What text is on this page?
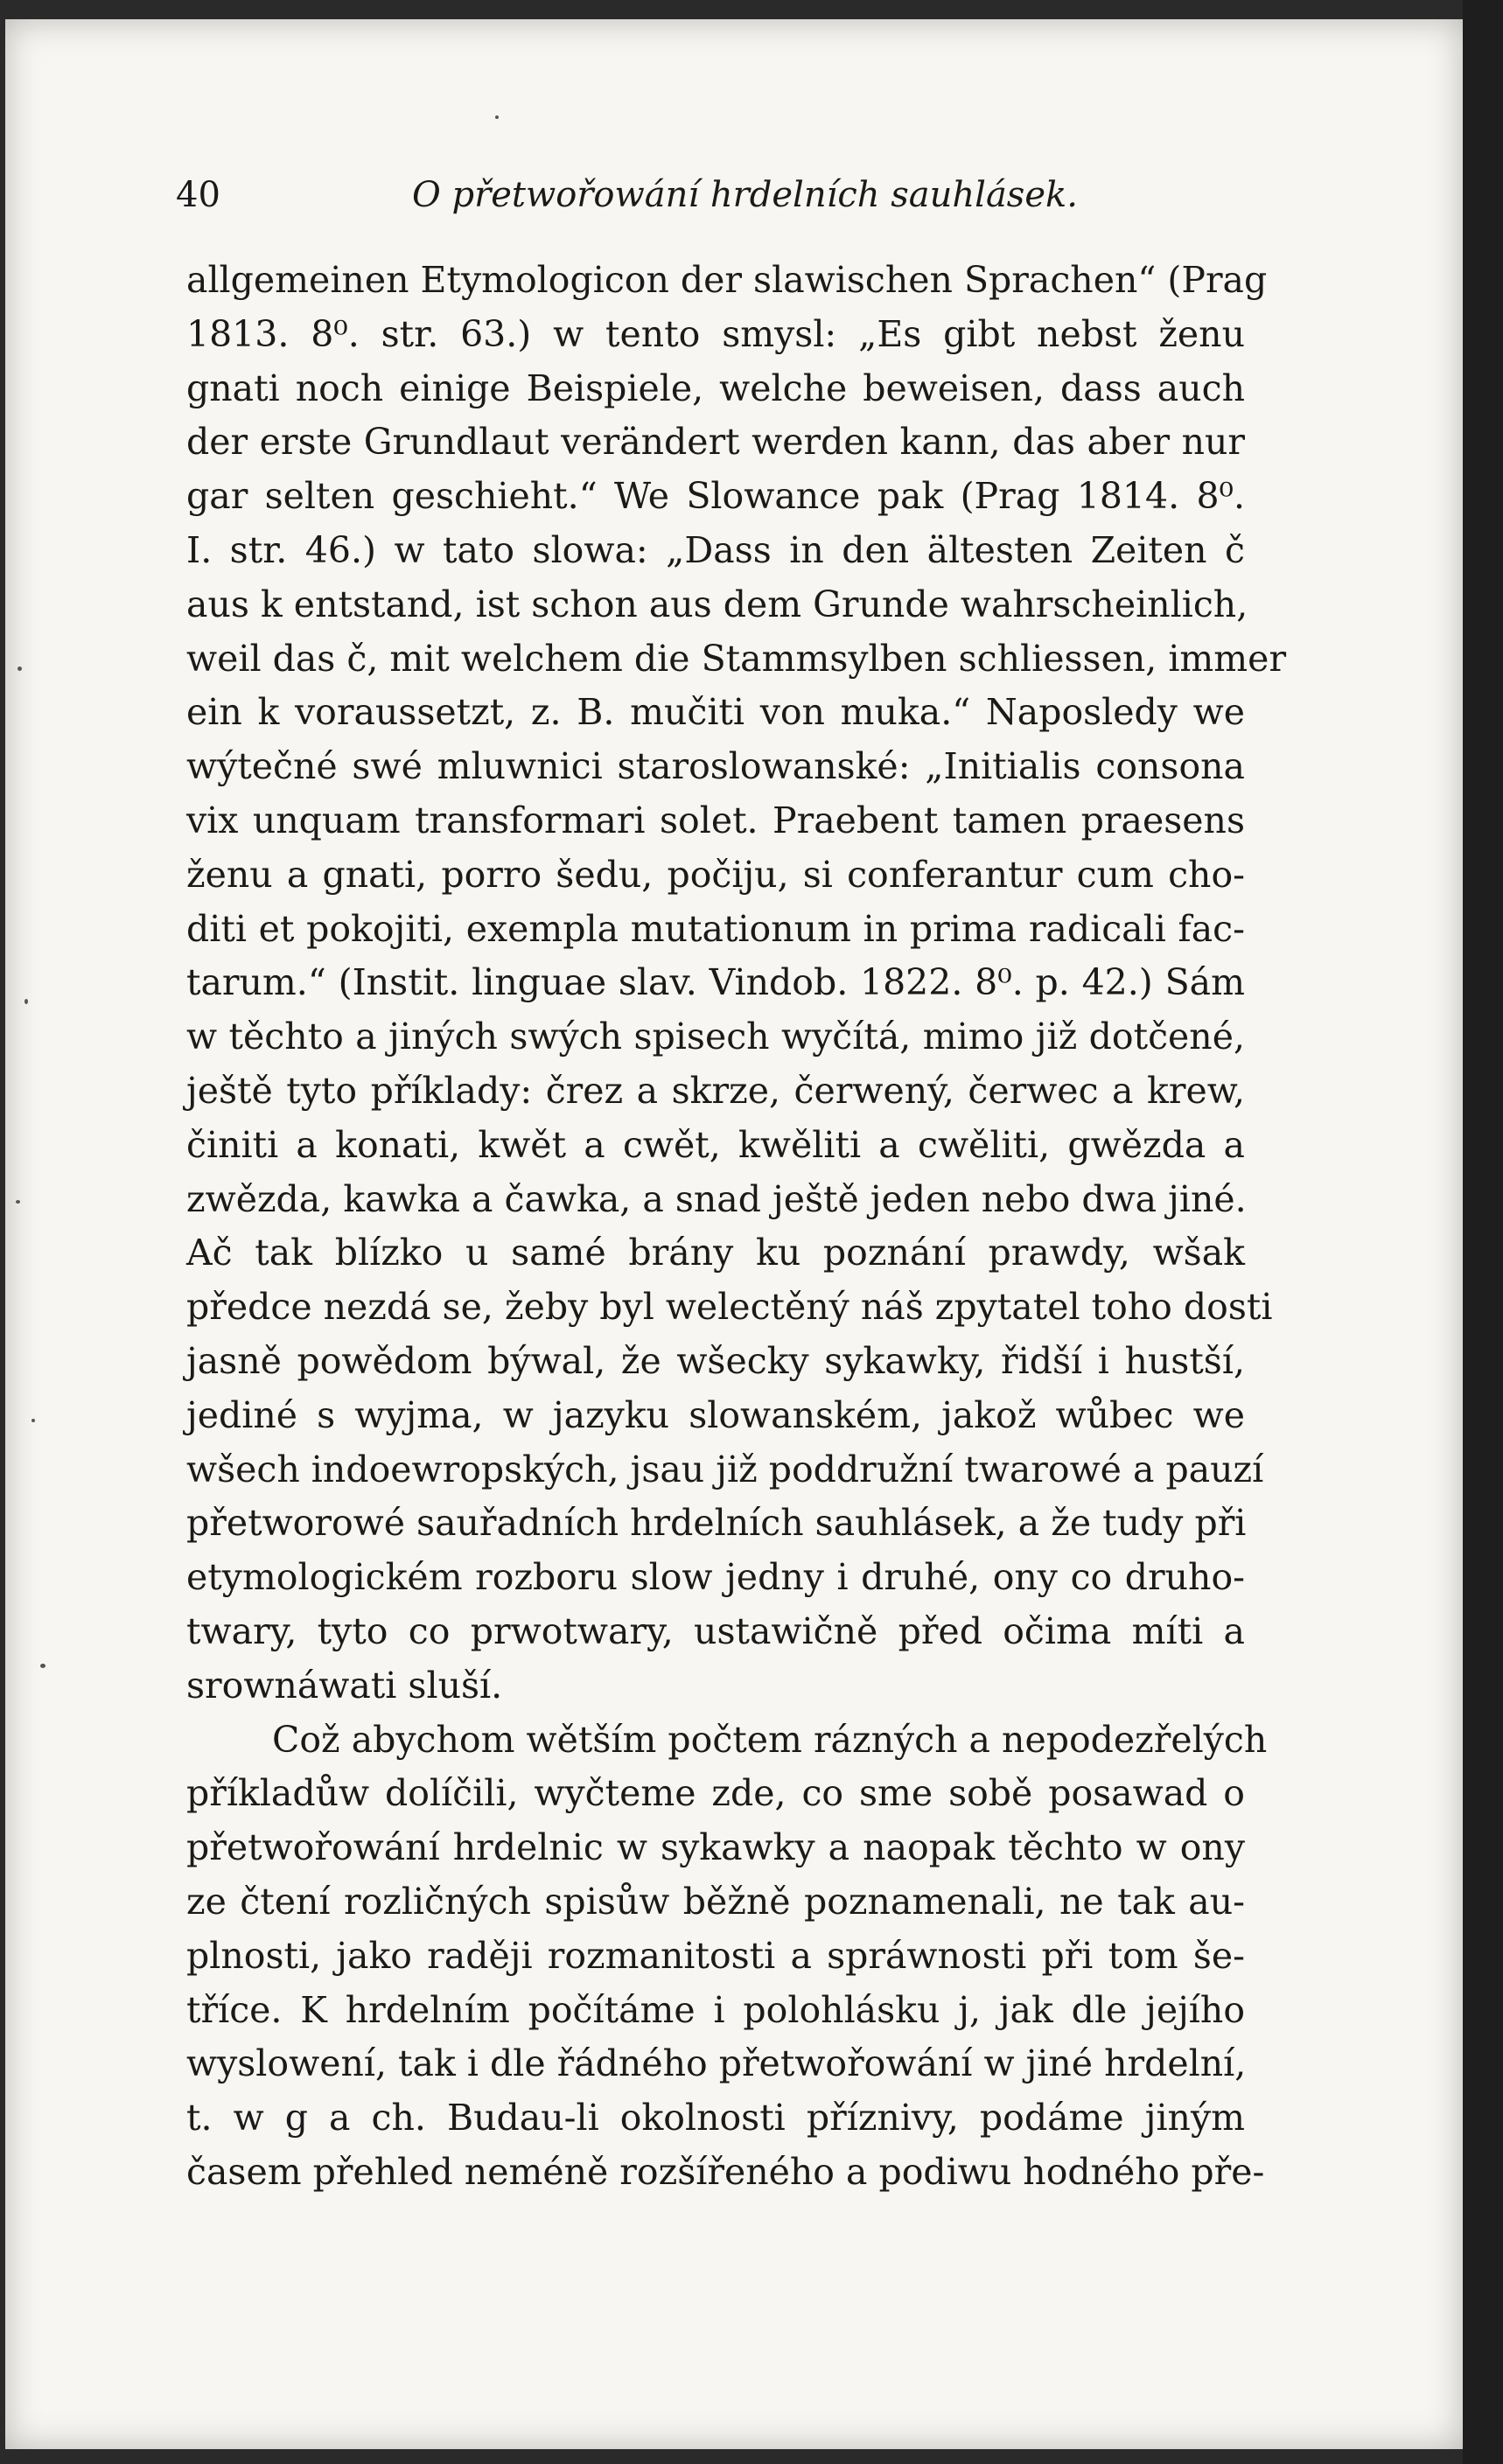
40	O přetwořowání hrdelních sauhlásek.
allgemeinen Etymologicon der slawischen Sprachen“ (Prag
1813. 8⁰. str. 63.) w tento smysl: „Es gibt nebst ženu
gnati noch einige Beispiele, welche beweisen, dass auch
der erste Grundlaut verändert werden kann, das aber nur
gar selten geschieht.“ We Slowance pak (Prag 1814. 8⁰.
I. str. 46.) w tato slowa: „Dass in den ältesten Zeiten č
aus k entstand, ist schon aus dem Grunde wahrscheinlich,
weil das č, mit welchem die Stammsylben schliessen, immer
ein k voraussetzt, z. B. mučiti von muka.“ Naposledy we
wýtečné swé mluwnici staroslowanské: „Initialis consona
vix unquam transformari solet. Praebent tamen praesens
ženu a gnati, porro šedu, počiju, si conferantur cum cho-
diti et pokojiti, exempla mutationum in prima radicali fac-
tarum.“ (Instit. linguae slav. Vindob. 1822. 8⁰. p. 42.) Sám
w těchto a jiných swých spisech wyčítá, mimo již dotčené,
ještě tyto příklady: črez a skrze, čerwený, čerwec a krew,
činiti a konati, kwět a cwět, kwěliti a cwěliti, gwězda a
zwězda, kawka a čawka, a snad ještě jeden nebo dwa jiné.
Ač tak blízko u samé brány ku poznání prawdy, wšak
předce nezdá se, žeby byl welectěný náš zpytatel toho dosti
jasně powědom býwal, že wšecky sykawky, řidší i hustší,
jediné s wyjma, w jazyku slowanském, jakož wůbec we
wšech indoewropských, jsau již poddružní twarowé a pauzí
přetworowé sauřadních hrdelních sauhlásek, a že tudy při
etymologickém rozboru slow jedny i druhé, ony co druho-
twary, tyto co prwotwary, ustawičně před očima míti a
srownáwati sluší.
Což abychom wětším počtem rázných a nepodezřelých
příkladůw dolíčili, wyčteme zde, co sme sobě posawad o
přetwořowání hrdelnic w sykawky a naopak těchto w ony
ze čtení rozličných spisůw běžně poznamenali, ne tak au-
plnosti, jako raději rozmanitosti a spráwnosti při tom še-
tříce. K hrdelním počítáme i polohlásku j, jak dle jejího
wyslowení, tak i dle řádného přetwořowání w jiné hrdelní,
t. w g a ch. Budau-li okolnosti příznivy, podáme jiným
časem přehled neméně rozšířeného a podiwu hodného pře-
